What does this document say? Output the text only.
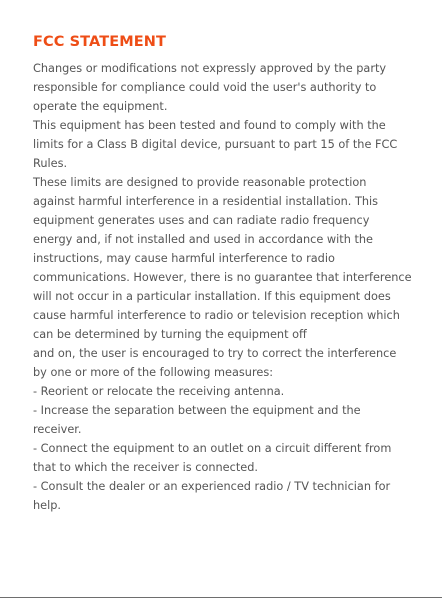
FCC STATEMENT
Changes or modifications not expressly approved by the party
responsible for compliance could void the user's authority to
operate the equipment.
This equipment has been tested and found to comply with the
limits for a Class B digital device, pursuant to part 15 of the FCC
Rules.
These limits are designed to provide reasonable protection
against harmful interference in a residential installation. This
equipment generates uses and can radiate radio frequency
energy and, if not installed and used in accordance with the
instructions, may cause harmful interference to radio
communications. However, there is no guarantee that interference
will not occur in a particular installation. If this equipment does
cause harmful interference to radio or television reception which
can be determined by turning the equipment off
and on, the user is encouraged to try to correct the interference
by one or more of the following measures:
- Reorient or relocate the receiving antenna.
- Increase the separation between the equipment and the
receiver.
- Connect the equipment to an outlet on a circuit different from
that to which the receiver is connected.
- Consult the dealer or an experienced radio / TV technician for
help.
